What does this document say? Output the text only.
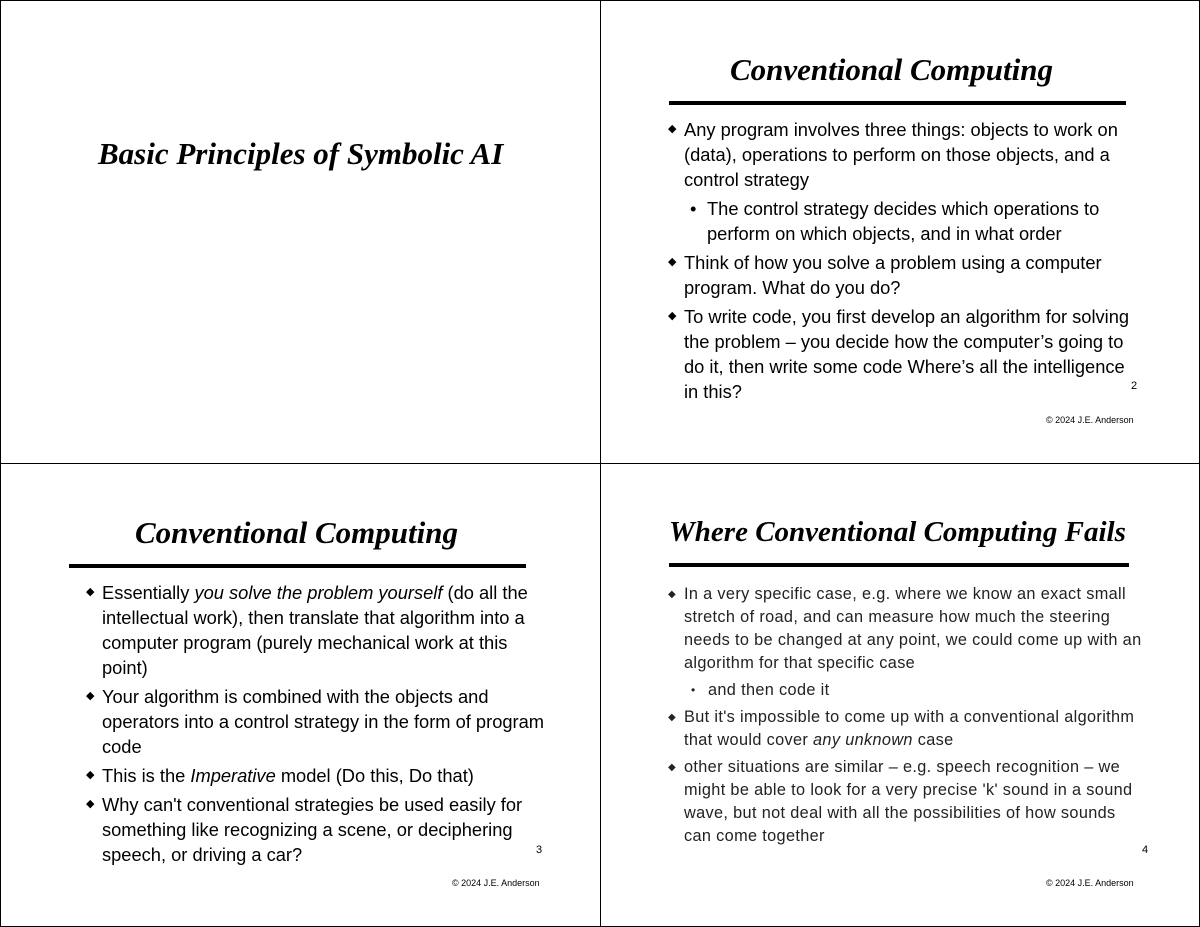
Basic Principles of Symbolic AI
Conventional Computing
◆ Any program involves three things: objects to work on (data), operations to perform on those objects, and a control strategy
• The control strategy decides which operations to perform on which objects, and in what order
◆ Think of how you solve a problem using a computer program. What do you do?
◆ To write code, you first develop an algorithm for solving the problem – you decide how the computer’s going to do it, then write some code Where’s all the intelligence in this?	2
© 2024 J.E. Anderson
Conventional Computing
◆ Essentially you solve the problem yourself (do all the intellectual work), then translate that algorithm into a computer program (purely mechanical work at this point)
◆ Your algorithm is combined with the objects and operators into a control strategy in the form of program code
◆ This is the Imperative model (Do this, Do that)
◆ Why can't conventional strategies be used easily for something like recognizing a scene, or deciphering speech, or driving a car?	3
© 2024 J.E. Anderson
Where Conventional Computing Fails
◆ In a very specific case, e.g. where we know an exact small stretch of road, and can measure how much the steering needs to be changed at any point, we could come up with an algorithm for that specific case
• and then code it
◆ But it's impossible to come up with a conventional algorithm that would cover any unknown case
◆ other situations are similar – e.g. speech recognition – we might be able to look for a very precise 'k' sound in a sound wave, but not deal with all the possibilities of how sounds can come together
4
© 2024 J.E. Anderson
